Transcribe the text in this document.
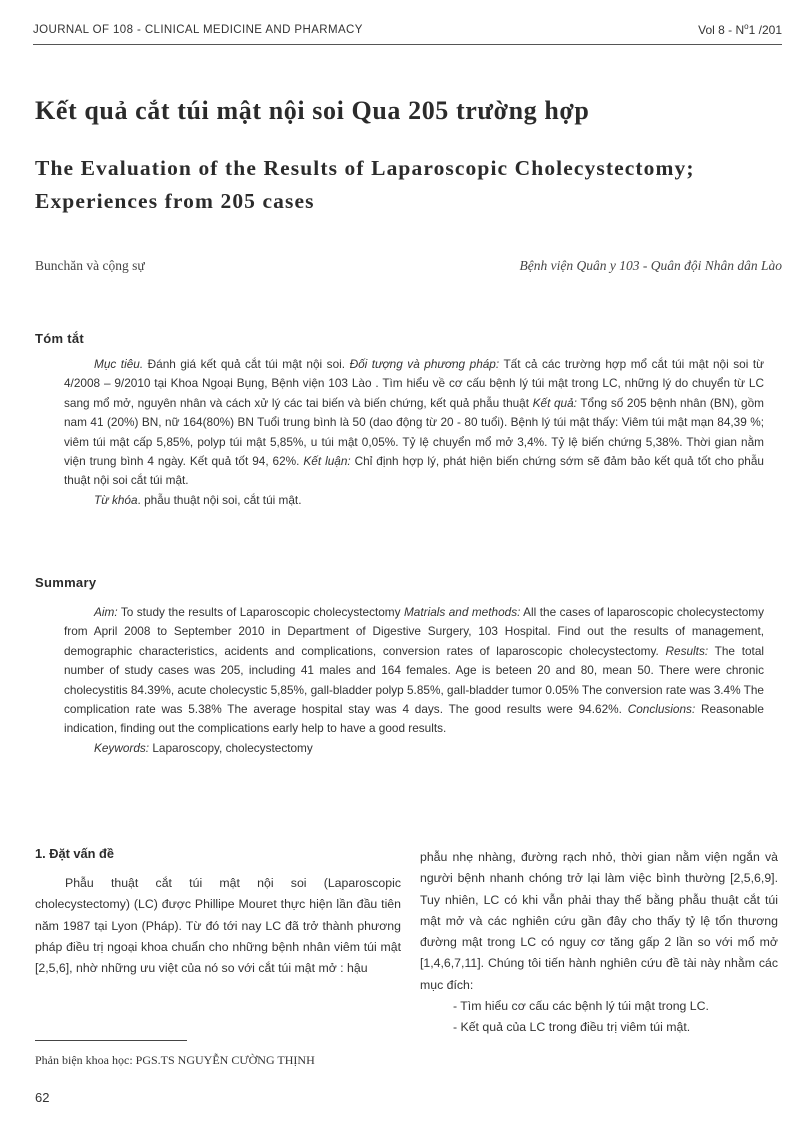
JOURNAL OF 108 - CLINICAL MEDICINE AND PHARMACY	Vol $8 - N^o1$ /201
Kết quả cắt túi mật nội soi Qua 205 trường hợp
The Evaluation of the Results of Laparoscopic Cholecystectomy; Experiences from 205 cases
Bunchăn và cộng sự	Bệnh viện Quân y 103 - Quân đội Nhân dân Lào
Tóm tắt

Mục tiêu. Đánh giá kết quả cắt túi mật nội soi. Đối tượng và phương pháp: Tất cả các trường hợp mổ cắt túi mật nội soi từ 4/2008 – 9/2010 tại Khoa Ngoại Bụng, Bệnh viện 103 Lào . Tìm hiểu về cơ cấu bệnh lý túi mật trong LC, những lý do chuyển từ LC sang mổ mở, nguyên nhân và cách xử lý các tai biến và biến chứng, kết quả phẫu thuật Kết quả: Tổng số 205 bệnh nhân (BN), gồm nam 41 (20%) BN, nữ 164(80%) BN Tuổi trung bình là 50 (dao động từ 20 - 80 tuổi). Bệnh lý túi mật thấy: Viêm túi mật mạn 84,39 %; viêm túi mật cấp 5,85%, polyp túi mật 5,85%, u túi mật 0,05%. Tỷ lệ chuyển mổ mở 3,4%. Tỷ lệ biến chứng 5,38%. Thời gian nằm viện trung bình 4 ngày. Kết quả tốt 94, 62%. Kết luận: Chỉ định hợp lý, phát hiện biến chứng sớm sẽ đảm bảo kết quả tốt cho phẫu thuật nội soi cắt túi mật.

Từ khóa. phẫu thuật nội soi, cắt túi mật.

Summary

Aim: To study the results of Laparoscopic cholecystectomy Matrials and methods: All the cases of laparoscopic cholecystectomy from April 2008 to September 2010 in Department of Digestive Surgery, 103 Hospital. Find out the results of management, demographic characteristics, acidents and complications, conversion rates of laparoscopic cholecystectomy. Results: The total number of study cases was 205, including 41 males and 164 females. Age is beteen 20 and 80, mean 50. There were chronic cholecystitis 84.39%, acute cholecystic 5,85%, gall-bladder polyp 5.85%, gall-bladder tumor 0.05% The conversion rate was 3.4% The complication rate was 5.38% The average hospital stay was 4 days. The good results were 94.62%. Conclusions: Reasonable indication, finding out the complications early help to have a good results.

Keywords: Laparoscopy, cholecystectomy

1. Đặt vấn đề

Phẫu thuật cắt túi mật nội soi (Laparoscopic cholecystectomy) (LC) được Phillipe Mouret thực hiện lần đầu tiên năm 1987 tại Lyon (Pháp). Từ đó tới nay LC đã trở thành phương pháp điều trị ngoại khoa chuẩn cho những bệnh nhân viêm túi mật [2,5,6], nhờ những ưu việt của nó so với cắt túi mật mở : hậu

phẫu nhẹ nhàng, đường rạch nhỏ, thời gian nằm viện ngắn và người bệnh nhanh chóng trở lại làm việc bình thường [2,5,6,9]. Tuy nhiên, LC có khi vẫn phải thay thế bằng phẫu thuật cắt túi mật mở và các nghiên cứu gần đây cho thấy tỷ lệ tổn thương đường mật trong LC có nguy cơ tăng gấp 2 lần so với mổ mở [1,4,6,7,11]. Chúng tôi tiến hành nghiên cứu đề tài này nhằm các mục đích:

- Tìm hiểu cơ cấu các bệnh lý túi mật trong LC.

- Kết quả của LC trong điều trị viêm túi mật.

Phản biện khoa học: PGS.TS NGUYỄN CƯỜNG THỊNH
62
